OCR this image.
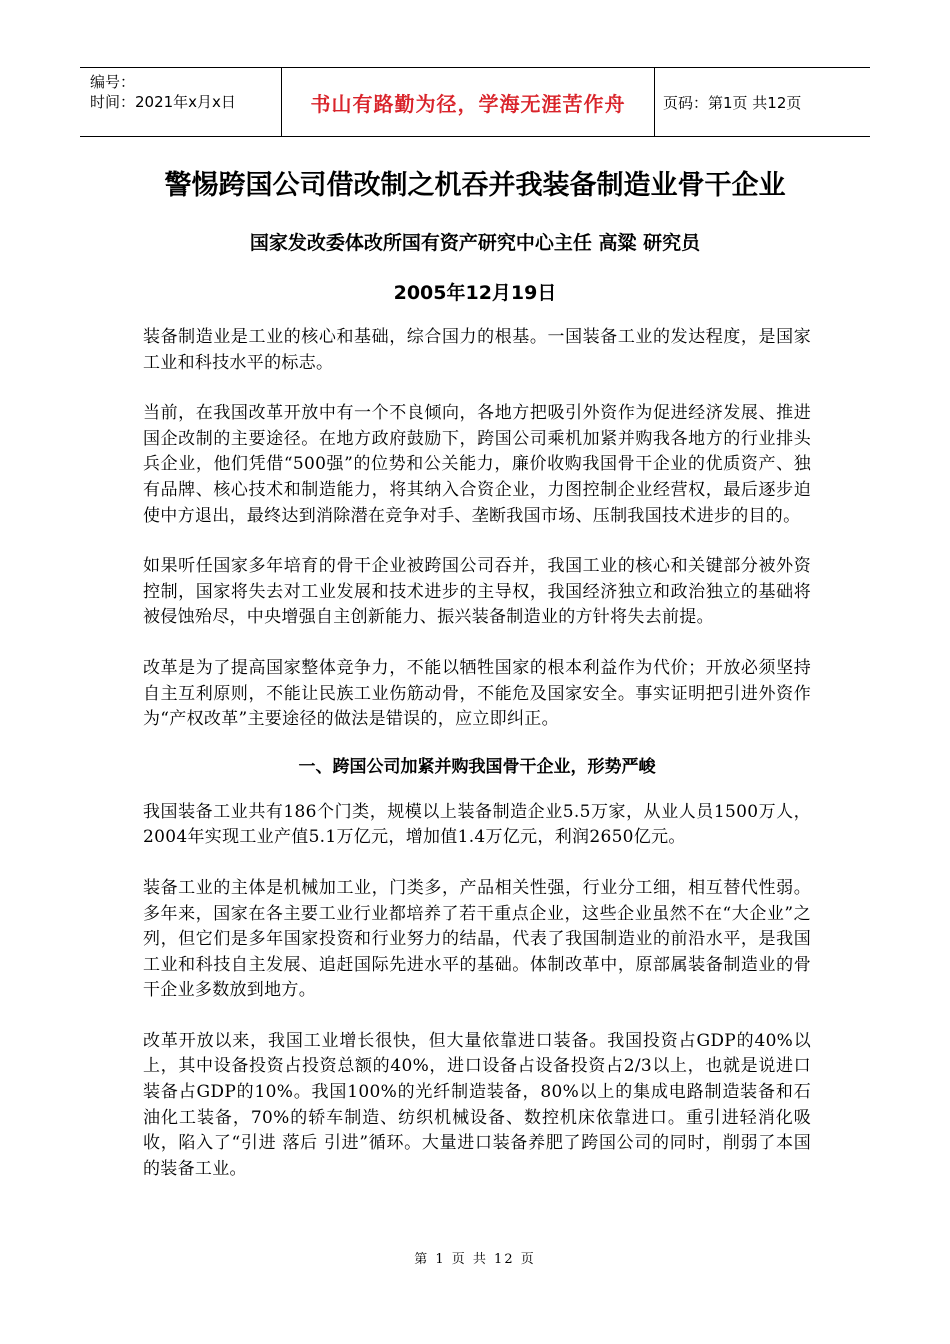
编号：
时间：2021年x月x日	书山有路勤为径，学海无涯苦作舟	页码：第1页 共12页
警惕跨国公司借改制之机吞并我装备制造业骨干企业
国家发改委体改所国有资产研究中心主任 高粱 研究员
2005年12月19日

装备制造业是工业的核心和基础，综合国力的根基。一国装备工业的发达程度，是国家工业和科技水平的标志。

当前，在我国改革开放中有一个不良倾向，各地方把吸引外资作为促进经济发展、推进国企改制的主要途径。在地方政府鼓励下，跨国公司乘机加紧并购我各地方的行业排头兵企业，他们凭借“500强”的位势和公关能力，廉价收购我国骨干企业的优质资产、独有品牌、核心技术和制造能力，将其纳入合资企业，力图控制企业经营权，最后逐步迫使中方退出，最终达到消除潜在竞争对手、垄断我国市场、压制我国技术进步的目的。

如果听任国家多年培育的骨干企业被跨国公司吞并，我国工业的核心和关键部分被外资控制，国家将失去对工业发展和技术进步的主导权，我国经济独立和政治独立的基础将被侵蚀殆尽，中央增强自主创新能力、振兴装备制造业的方针将失去前提。

改革是为了提高国家整体竞争力，不能以牺牲国家的根本利益作为代价；开放必须坚持自主互利原则，不能让民族工业伤筋动骨，不能危及国家安全。事实证明把引进外资作为“产权改革”主要途径的做法是错误的，应立即纠正。

一、跨国公司加紧并购我国骨干企业，形势严峻

我国装备工业共有186个门类，规模以上装备制造企业5.5万家，从业人员1500万人，2004年实现工业产值5.1万亿元，增加值1.4万亿元，利润2650亿元。

装备工业的主体是机械加工业，门类多，产品相关性强，行业分工细，相互替代性弱。多年来，国家在各主要工业行业都培养了若干重点企业，这些企业虽然不在“大企业”之列，但它们是多年国家投资和行业努力的结晶，代表了我国制造业的前沿水平，是我国工业和科技自主发展、追赶国际先进水平的基础。体制改革中，原部属装备制造业的骨干企业多数放到地方。

改革开放以来，我国工业增长很快，但大量依靠进口装备。我国投资占GDP的40%以上，其中设备投资占投资总额的40%，进口设备占设备投资占2/3以上，也就是说进口装备占GDP的10%。我国100%的光纤制造装备，80%以上的集成电路制造装备和石油化工装备，70%的轿车制造、纺织机械设备、数控机床依靠进口。重引进轻消化吸收，陷入了“引进 落后 引进”循环。大量进口装备养肥了跨国公司的同时，削弱了本国的装备工业。

第 1 页 共 12 页
